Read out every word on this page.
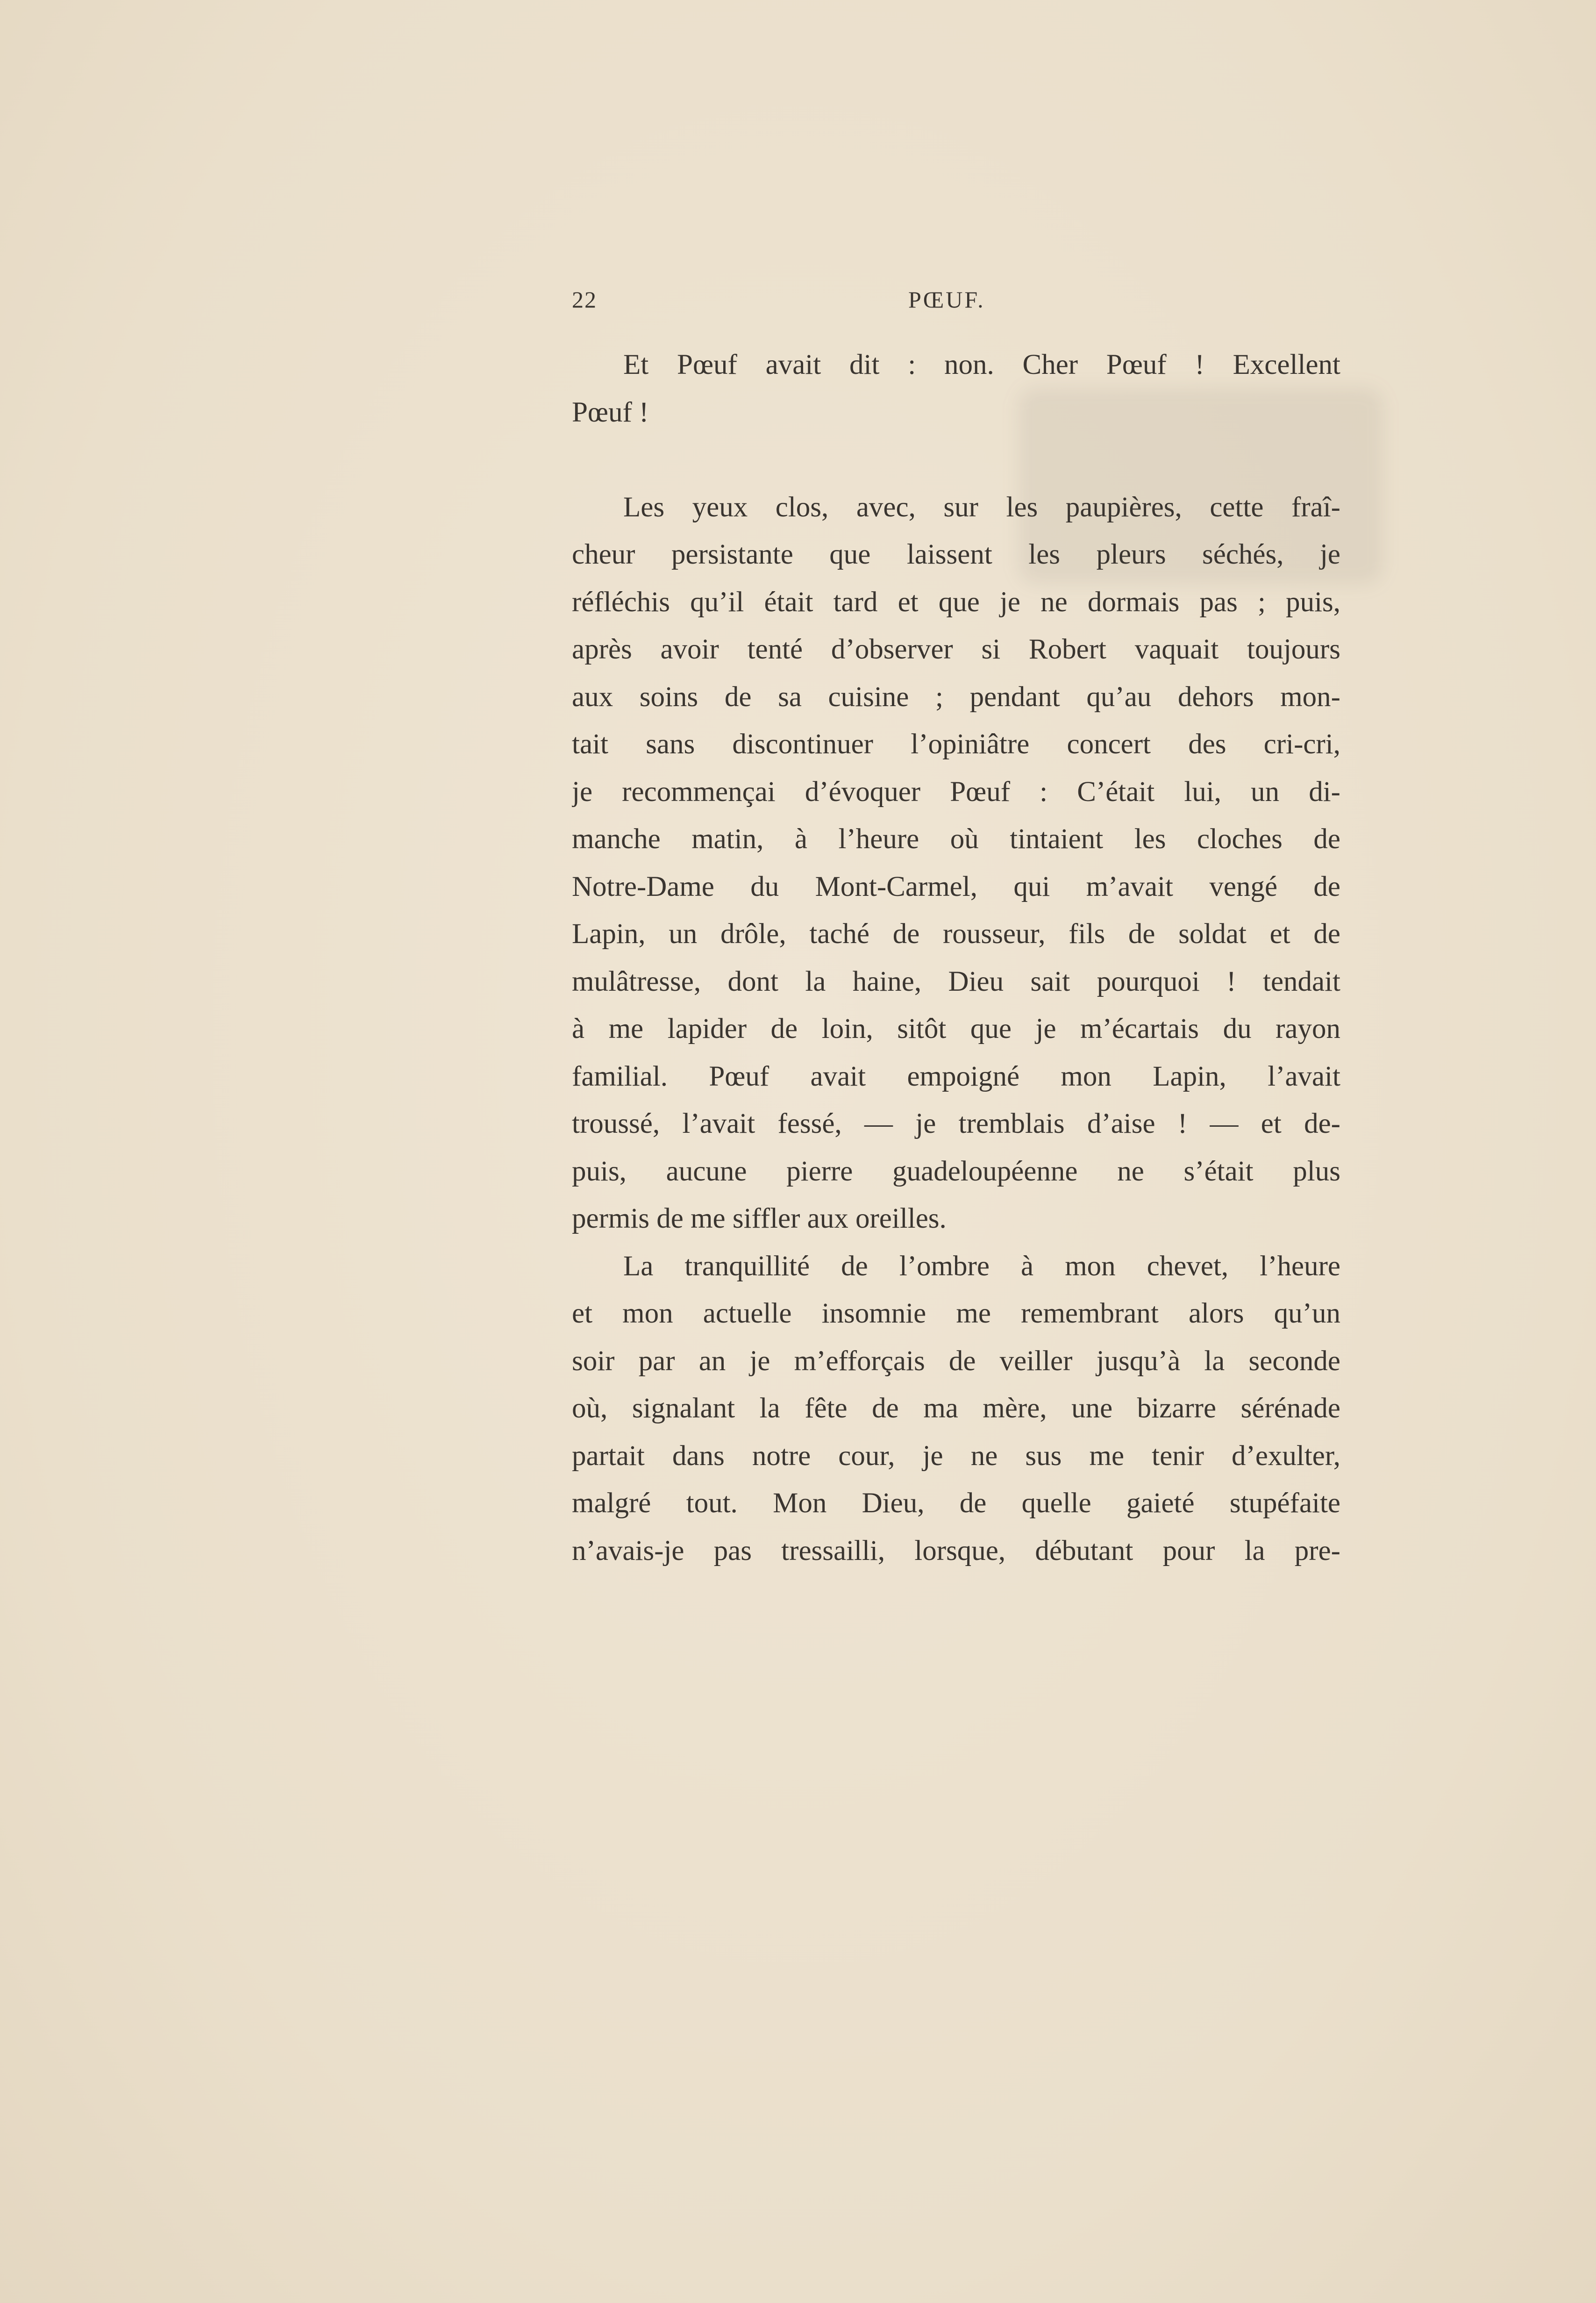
22	PŒUF.
Et Pœuf avait dit : non. Cher Pœuf ! Excellent
Pœuf !
Les yeux clos, avec, sur les paupières, cette fraî-
cheur persistante que laissent les pleurs séchés, je
réfléchis qu’il était tard et que je ne dormais pas ; puis,
après avoir tenté d’observer si Robert vaquait toujours
aux soins de sa cuisine ; pendant qu’au dehors mon-
tait sans discontinuer l’opiniâtre concert des cri-cri,
je recommençai d’évoquer Pœuf : C’était lui, un di-
manche matin, à l’heure où tintaient les cloches de
Notre-Dame du Mont-Carmel, qui m’avait vengé de
Lapin, un drôle, taché de rousseur, fils de soldat et de
mulâtresse, dont la haine, Dieu sait pourquoi ! tendait
à me lapider de loin, sitôt que je m’écartais du rayon
familial. Pœuf avait empoigné mon Lapin, l’avait
troussé, l’avait fessé, — je tremblais d’aise ! — et de-
puis, aucune pierre guadeloupéenne ne s’était plus
permis de me siffler aux oreilles.
La tranquillité de l’ombre à mon chevet, l’heure
et mon actuelle insomnie me remembrant alors qu’un
soir par an je m’efforçais de veiller jusqu’à la seconde
où, signalant la fête de ma mère, une bizarre sérénade
partait dans notre cour, je ne sus me tenir d’exulter,
malgré tout. Mon Dieu, de quelle gaieté stupéfaite
n’avais-je pas tressailli, lorsque, débutant pour la pre-
